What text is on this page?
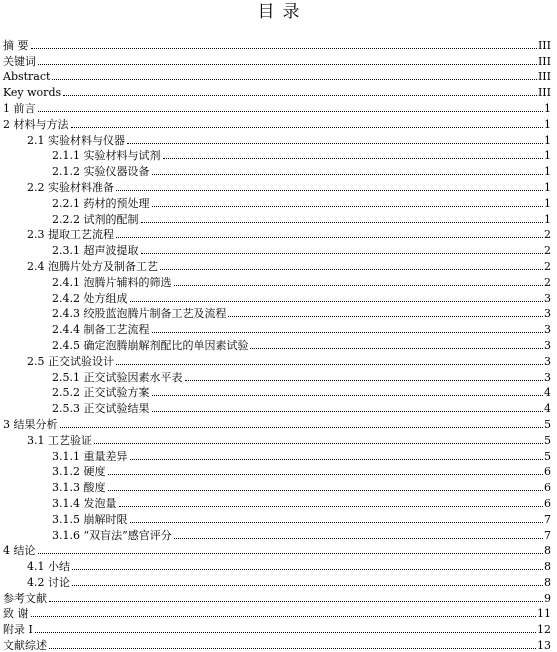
目录
摘 要	III
关键词	III
Abstract	III
Key words	III
1 前言	1
2 材料与方法	1
2.1 实验材料与仪器	1
2.1.1 实验材料与试剂	1
2.1.2 实验仪器设备	1
2.2 实验材料准备	1
2.2.1 药材的预处理	1
2.2.2 试剂的配制	1
2.3 提取工艺流程	2
2.3.1 超声波提取	2
2.4 泡腾片处方及制备工艺	2
2.4.1 泡腾片辅料的筛选	2
2.4.2 处方组成	3
2.4.3 绞股蓝泡腾片制备工艺及流程	3
2.4.4 制备工艺流程	3
2.4.5 确定泡腾崩解剂配比的单因素试验	3
2.5 正交试验设计	3
2.5.1 正交试验因素水平表	3
2.5.2 正交试验方案	4
2.5.3 正交试验结果	4
3 结果分析	5
3.1 工艺验证	5
3.1.1 重量差异	5
3.1.2 硬度	6
3.1.3 酸度	6
3.1.4 发泡量	6
3.1.5 崩解时限	7
3.1.6 “双盲法”感官评分	7
4 结论	8
4.1 小结	8
4.2 讨论	8
参考文献	9
致 谢	11
附录 I	12
文献综述	13
